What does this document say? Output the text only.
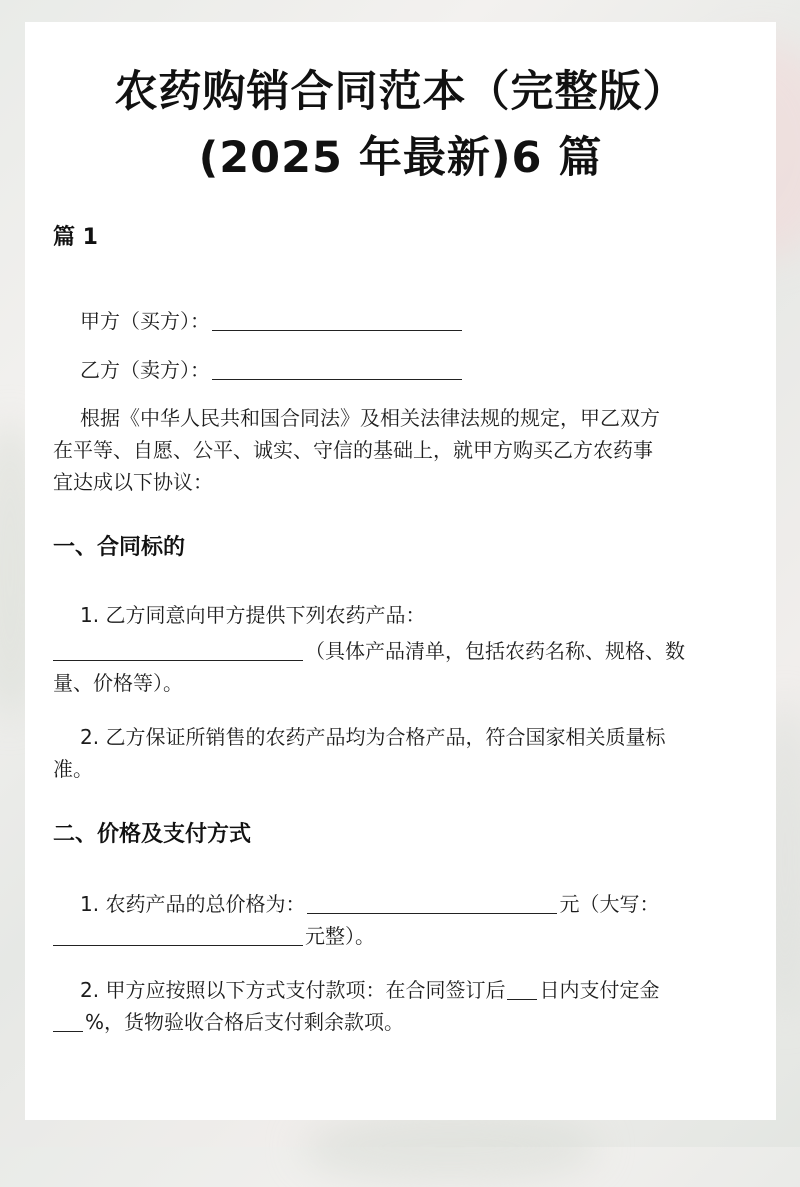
农药购销合同范本（完整版）
(2025 年最新)6 篇
篇 1
甲方（买方）：
乙方（卖方）：
根据《中华人民共和国合同法》及相关法律法规的规定，甲乙双方
在平等、自愿、公平、诚实、守信的基础上，就甲方购买乙方农药事
宜达成以下协议：
一、合同标的
1. 乙方同意向甲方提供下列农药产品：
（具体产品清单，包括农药名称、规格、数
量、价格等）。
2. 乙方保证所销售的农药产品均为合格产品，符合国家相关质量标
准。
二、价格及支付方式
1. 农药产品的总价格为：	元（大写：
元整）。
2. 甲方应按照以下方式支付款项：在合同签订后 日内支付定金
%，货物验收合格后支付剩余款项。
